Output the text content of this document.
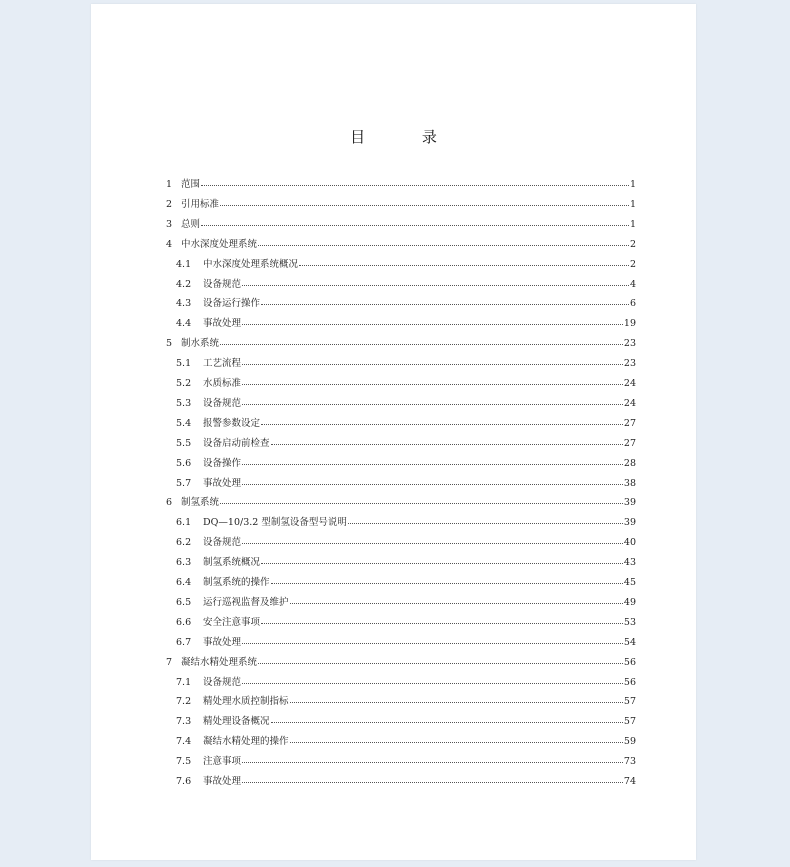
目 录
1 范围	1
2 引用标准	1
3 总则	1
4 中水深度处理系统	2
4.1	中水深度处理系统概况	2
4.2	设备规范	4
4.3	设备运行操作	6
4.4	事故处理	19
5 制水系统	23
5.1	工艺流程	23
5.2	水质标准	24
5.3	设备规范	24
5.4	报警参数设定	27
5.5	设备启动前检查	27
5.6	设备操作	28
5.7	事故处理	38
6 制氢系统	39
6.1	DQ—10/3.2 型制氢设备型号说明	39
6.2	设备规范	40
6.3	制氢系统概况	43
6.4	制氢系统的操作	45
6.5	运行巡视监督及维护	49
6.6	安全注意事项	53
6.7	事故处理	54
7 凝结水精处理系统	56
7.1	设备规范	56
7.2	精处理水质控制指标	57
7.3	精处理设备概况	57
7.4	凝结水精处理的操作	59
7.5	注意事项	73
7.6	事故处理	74
